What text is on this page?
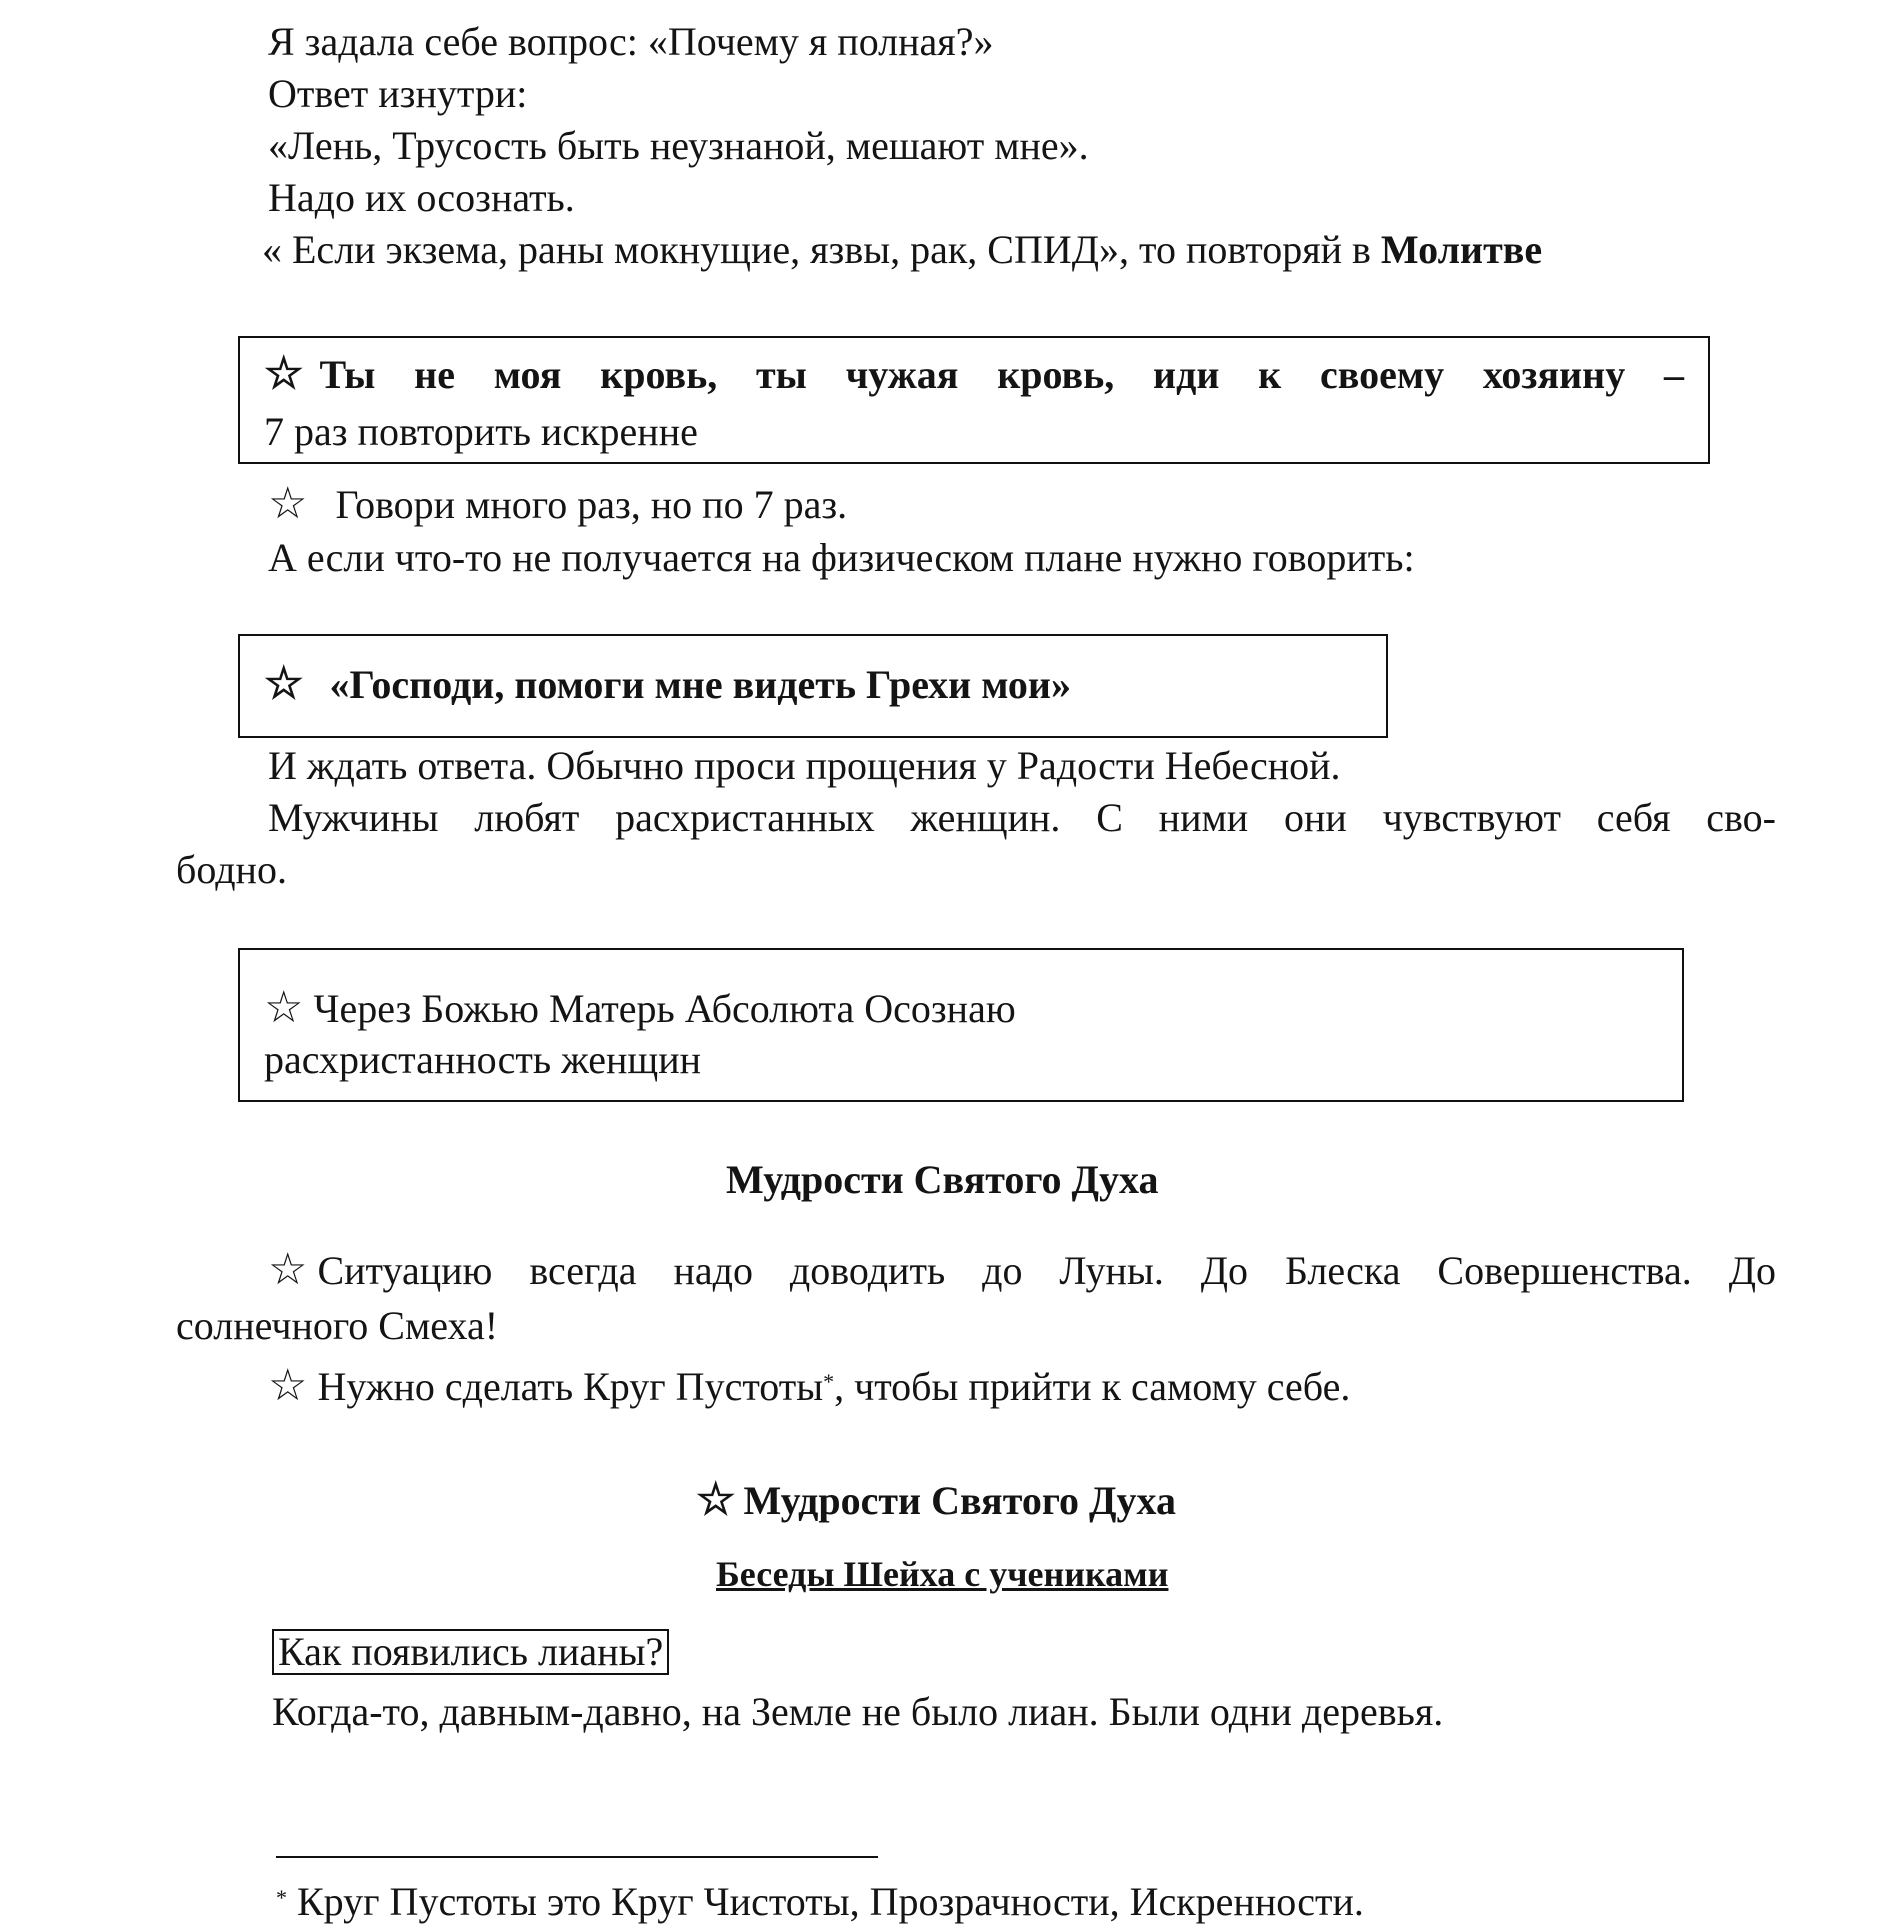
Я задала себе вопрос: «Почему я полная?»
Ответ изнутри:
«Лень, Трусость быть неузнаной, мешают мне».
Надо их осознать.
« Если экзема, раны мокнущие, язвы, рак, СПИД», то повторяй в Молитве
☆ Ты не моя кровь, ты чужая кровь, иди к своему хозяину –
7 раз повторить искренне
☆ Говори много раз, но по 7 раз.
А если что-то не получается на физическом плане нужно говорить:
☆ «Господи, помоги мне видеть Грехи мои»
И ждать ответа. Обычно проси прощения у Радости Небесной.
Мужчины любят расхристанных женщин. С ними они чувствуют себя сво-
бодно.
☆ Через Божью Матерь Абсолюта Осознаю
расхристанность женщин
Мудрости Святого Духа
☆ Ситуацию всегда надо доводить до Луны. До Блеска Совершенства. До
солнечного Смеха!
☆ Нужно сделать Круг Пустоты*, чтобы прийти к самому себе.
☆ Мудрости Святого Духа
Беседы Шейха с учениками
Как появились лианы?
Когда-то, давным-давно, на Земле не было лиан. Были одни деревья.
* Круг Пустоты это Круг Чистоты, Прозрачности, Искренности.
